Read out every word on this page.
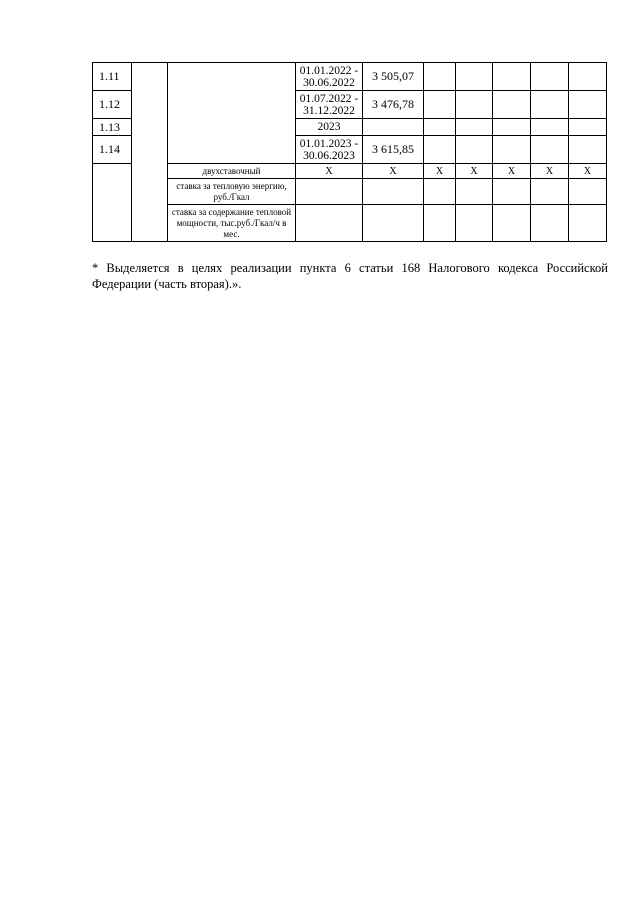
1.11			01.01.2022 -
30.06.2022	3 505,07					
1.12			01.07.2022 -
31.12.2022	3 476,78					
1.13			2023						
1.14			01.01.2023 -
30.06.2023	3 615,85					
		двухставочный	X	X	X	X	X	X	X
		ставка за тепловую энергию, руб./Гкал							
		ставка за содержание тепловой мощности, тыс.руб./Гкал/ч в мес.							

* Выделяется в целях реализации пункта 6 статьи 168 Налогового кодекса Российской
Федерации (часть вторая).».
